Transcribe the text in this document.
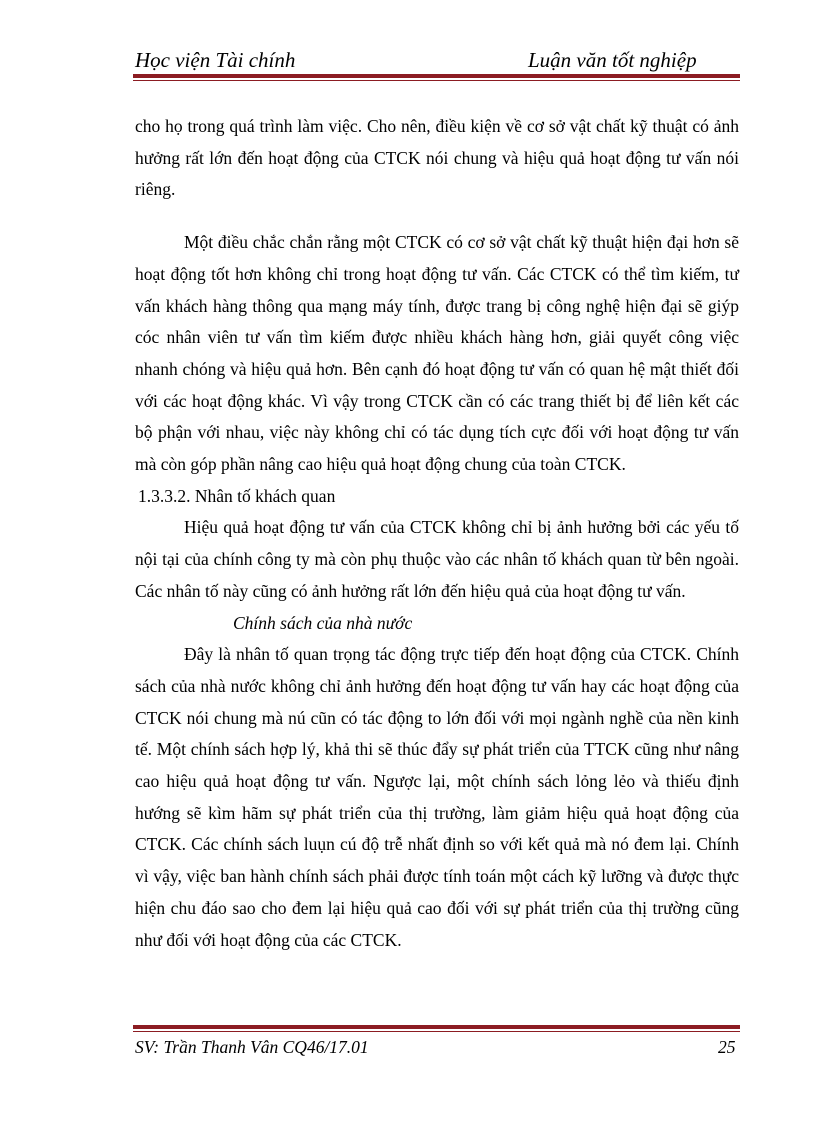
Học viện Tài chính	Luận văn tốt nghiệp

cho họ trong quá trình làm việc. Cho nên, điều kiện về cơ sở vật chất kỹ thuật có ảnh hưởng rất lớn đến hoạt động của CTCK nói chung và hiệu quả hoạt động tư vấn nói riêng.

Một điều chắc chắn rằng một CTCK có cơ sở vật chất kỹ thuật hiện đại hơn sẽ hoạt động tốt hơn không chỉ trong hoạt động tư vấn. Các CTCK có thể tìm kiếm, tư vấn khách hàng thông qua mạng máy tính, được trang bị công nghệ hiện đại sẽ giýp cóc nhân viên tư vấn tìm kiếm được nhiều khách hàng hơn, giải quyết công việc nhanh chóng và hiệu quả hơn. Bên cạnh đó hoạt động tư vấn có quan hệ mật thiết đối với các hoạt động khác. Vì vậy trong CTCK cần có các trang thiết bị để liên kết các bộ phận với nhau, việc này không chỉ có tác dụng tích cực đối với hoạt động tư vấn mà còn góp phần nâng cao hiệu quả hoạt động chung của toàn CTCK.

1.3.3.2. Nhân tố khách quan

Hiệu quả hoạt động tư vấn của CTCK không chỉ bị ảnh hưởng bởi các yếu tố nội tại của chính công ty mà còn phụ thuộc vào các nhân tố khách quan từ bên ngoài. Các nhân tố này cũng có ảnh hưởng rất lớn đến hiệu quả của hoạt động tư vấn.

Chính sách của nhà nước

Đây là nhân tố quan trọng tác động trực tiếp đến hoạt động của CTCK. Chính sách của nhà nước không chỉ ảnh hưởng đến hoạt động tư vấn hay các hoạt động của CTCK nói chung mà nú cũn có tác động to lớn đối với mọi ngành nghề của nền kinh tế. Một chính sách hợp lý, khả thi sẽ thúc đẩy sự phát triển của TTCK cũng như nâng cao hiệu quả hoạt động tư vấn. Ngược lại, một chính sách lỏng lẻo và thiếu định hướng sẽ kìm hãm sự phát triển của thị trường, làm giảm hiệu quả hoạt động của CTCK. Các chính sách luụn cú độ trễ nhất định so với kết quả mà nó đem lại. Chính vì vậy, việc ban hành chính sách phải được tính toán một cách kỹ lưỡng và được thực hiện chu đáo sao cho đem lại hiệu quả cao đối với sự phát triển của thị trường cũng như đối với hoạt động của các CTCK.

SV: Trần Thanh Vân CQ46/17.01	25
